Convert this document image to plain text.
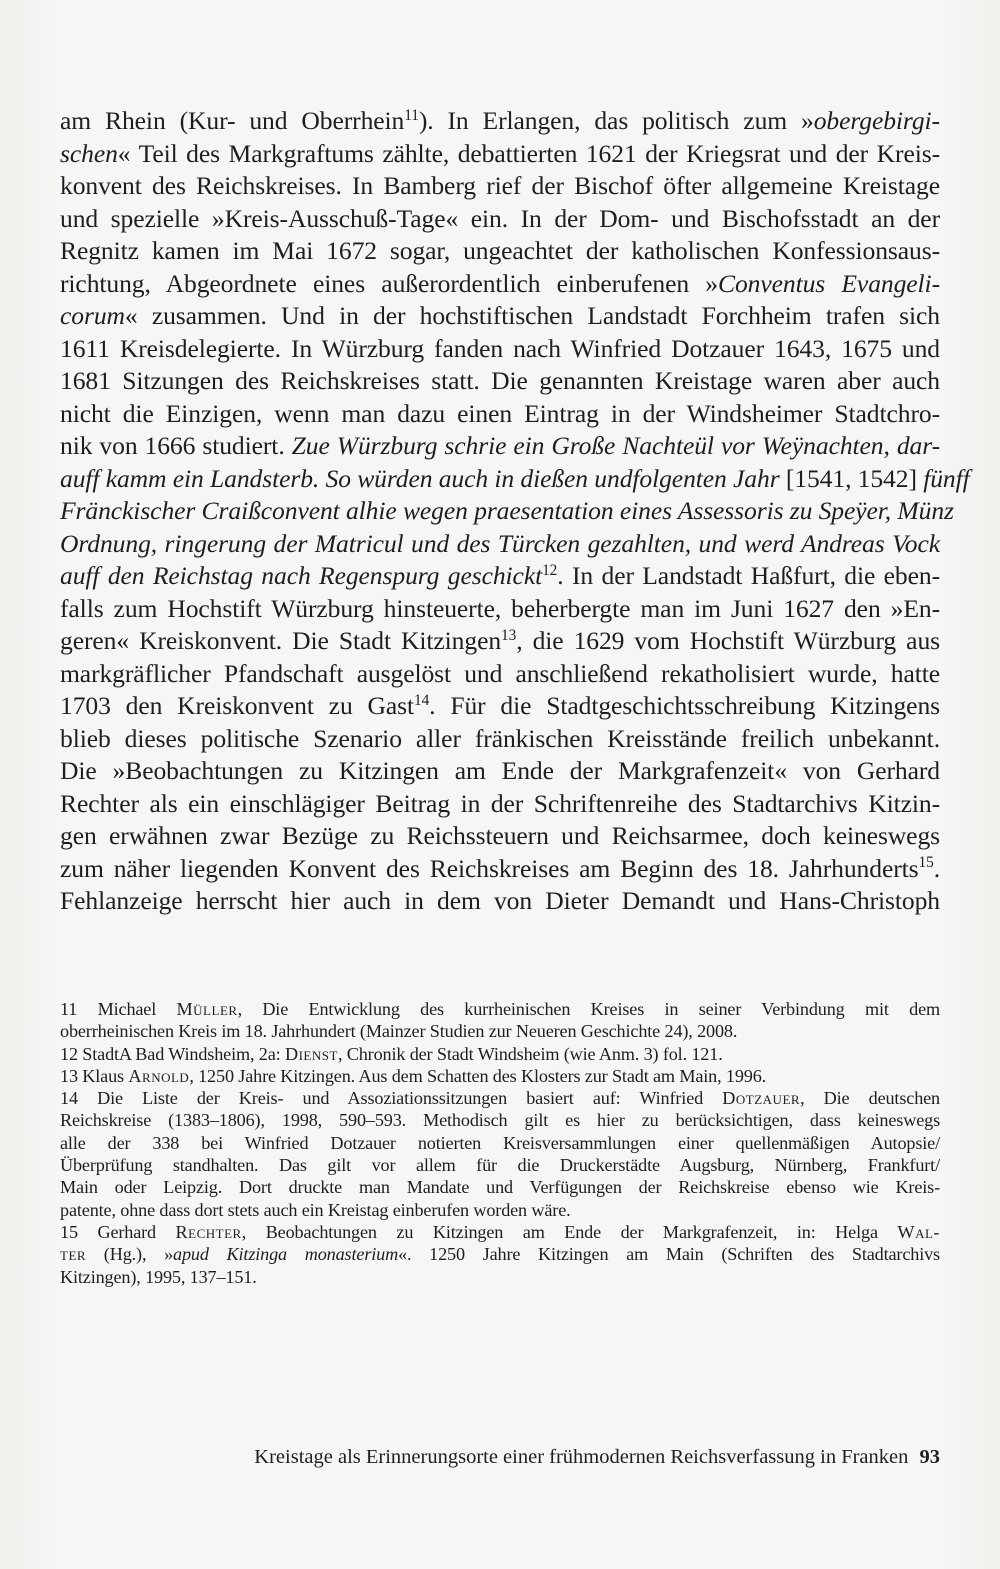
am Rhein (Kur- und Oberrhein$^{11}$). In Erlangen, das politisch zum »obergebirgi-
schen« Teil des Markgraftums zählte, debattierten 1621 der Kriegsrat und der Kreis-
konvent des Reichskreises. In Bamberg rief der Bischof öfter allgemeine Kreistage
und spezielle »Kreis-Ausschuß-Tage« ein. In der Dom- und Bischofsstadt an der
Regnitz kamen im Mai 1672 sogar, ungeachtet der katholischen Konfessionsaus-
richtung, Abgeordnete eines außerordentlich einberufenen »Conventus Evangeli-
corum« zusammen. Und in der hochstiftischen Landstadt Forchheim trafen sich
1611 Kreisdelegierte. In Würzburg fanden nach Winfried Dotzauer 1643, 1675 und
1681 Sitzungen des Reichskreises statt. Die genannten Kreistage waren aber auch
nicht die Einzigen, wenn man dazu einen Eintrag in der Windsheimer Stadtchro-
nik von 1666 studiert. Zue Würzburg schrie ein Große Nachteül vor Weÿnachten, dar-
auff kamm ein Landsterb. So würden auch in dießen undfolgenten Jahr [1541, 1542] fünff
Fränckischer Craißconvent alhie wegen praesentation eines Assessoris zu Speÿer, Münz
Ordnung, ringerung der Matricul und des Türcken gezahlten, und werd Andreas Vock
auff den Reichstag nach Regenspurg geschickt$^{12}$. In der Landstadt Haßfurt, die eben-
falls zum Hochstift Würzburg hinsteuerte, beherbergte man im Juni 1627 den »En-
geren« Kreiskonvent. Die Stadt Kitzingen$^{13}$, die 1629 vom Hochstift Würzburg aus
markgräflicher Pfandschaft ausgelöst und anschließend rekatholisiert wurde, hatte
1703 den Kreiskonvent zu Gast$^{14}$. Für die Stadtgeschichtsschreibung Kitzingens
blieb dieses politische Szenario aller fränkischen Kreisstände freilich unbekannt.
Die »Beobachtungen zu Kitzingen am Ende der Markgrafenzeit« von Gerhard
Rechter als ein einschlägiger Beitrag in der Schriftenreihe des Stadtarchivs Kitzin-
gen erwähnen zwar Bezüge zu Reichssteuern und Reichsarmee, doch keineswegs
zum näher liegenden Konvent des Reichskreises am Beginn des 18. Jahrhunderts$^{15}$.
Fehlanzeige herrscht hier auch in dem von Dieter Demandt und Hans-Christoph
11 Michael Müller, Die Entwicklung des kurrheinischen Kreises in seiner Verbindung mit dem
oberrheinischen Kreis im 18. Jahrhundert (Mainzer Studien zur Neueren Geschichte 24), 2008.
12 StadtA Bad Windsheim, 2a: Dienst, Chronik der Stadt Windsheim (wie Anm. 3) fol. 121.
13 Klaus Arnold, 1250 Jahre Kitzingen. Aus dem Schatten des Klosters zur Stadt am Main, 1996.
14 Die Liste der Kreis- und Assoziationssitzungen basiert auf: Winfried Dotzauer, Die deutschen
Reichskreise (1383–1806), 1998, 590–593. Methodisch gilt es hier zu berücksichtigen, dass keineswegs
alle der 338 bei Winfried Dotzauer notierten Kreisversammlungen einer quellenmäßigen Autopsie/
Überprüfung standhalten. Das gilt vor allem für die Druckerstädte Augsburg, Nürnberg, Frankfurt/
Main oder Leipzig. Dort druckte man Mandate und Verfügungen der Reichskreise ebenso wie Kreis-
patente, ohne dass dort stets auch ein Kreistag einberufen worden wäre.
15 Gerhard Rechter, Beobachtungen zu Kitzingen am Ende der Markgrafenzeit, in: Helga Wal-
ter (Hg.), »apud Kitzinga monasterium«. 1250 Jahre Kitzingen am Main (Schriften des Stadtarchivs
Kitzingen), 1995, 137–151.
Kreistage als Erinnerungsorte einer frühmodernen Reichsverfassung in Franken 93
